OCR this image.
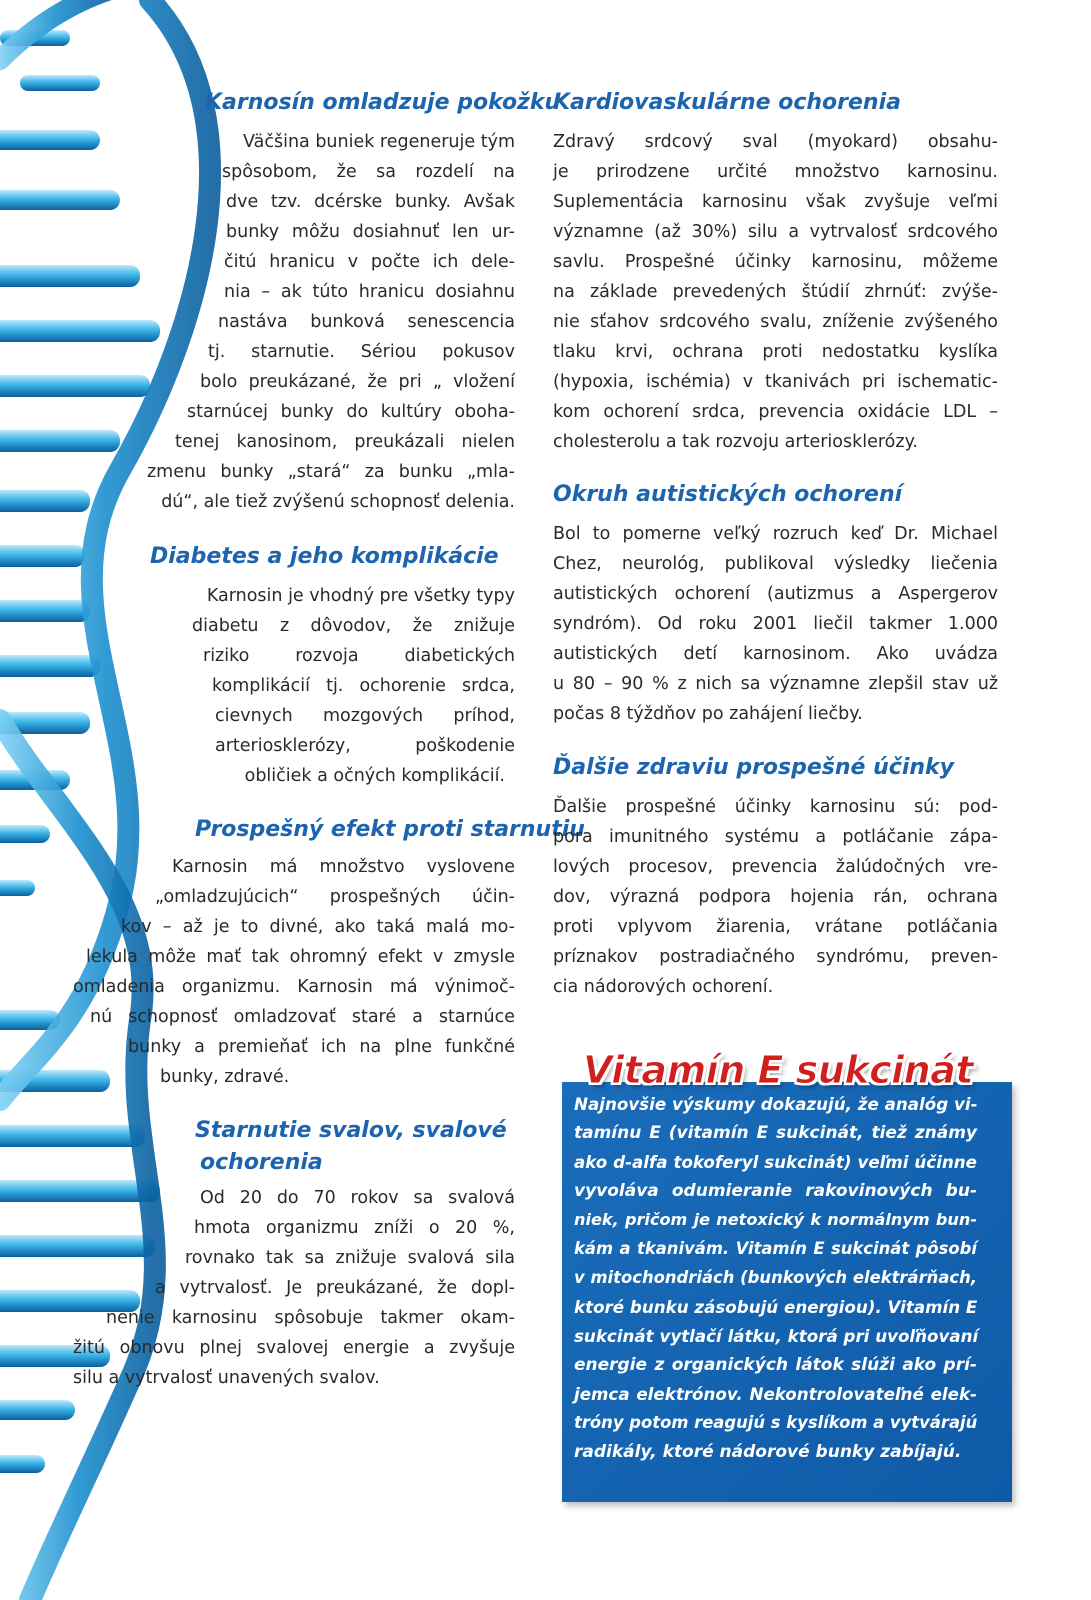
Karnosín omladzuje pokožku

Väčšina buniek regeneruje tým

spôsobom, že sa rozdelí na

dve tzv. dcérske bunky. Avšak

bunky môžu dosiahnuť len ur-

čitú hranicu v počte ich dele-

nia – ak túto hranicu dosiahnu

nastáva bunková senescencia

tj. starnutie. Sériou pokusov

bolo preukázané, že pri „ vložení

starnúcej bunky do kultúry oboha-

tenej kanosinom, preukázali nielen

zmenu bunky „stará“ za bunku „mla-

dú“, ale tiež zvýšenú schopnosť delenia.

Diabetes a jeho komplikácie

Karnosin je vhodný pre všetky typy

diabetu z dôvodov, že znižuje

riziko rozvoja diabetických

komplikácií tj. ochorenie srdca,

cievnych mozgových príhod,

arteriosklerózy, poškodenie

obličiek a očných komplikácií.

Prospešný efekt proti starnutiu

Karnosin má množstvo vyslovene

„omladzujúcich“ prospešných účin-

kov – až je to divné, ako taká malá mo-

lekula môže mať tak ohromný efekt v zmysle

omladenia organizmu. Karnosin má výnimoč-

nú schopnosť omladzovať staré a starnúce

bunky a premieňať ich na plne funkčné

bunky, zdravé.

Starnutie svalov, svalové
ochorenia

Od 20 do 70 rokov sa svalová

hmota organizmu zníži o 20 %,

rovnako tak sa znižuje svalová sila

a vytrvalosť. Je preukázané, že dopl-

nenie karnosinu spôsobuje takmer okam-

žitú obnovu plnej svalovej energie a zvyšuje

silu a vytrvalosť unavených svalov.

Kardiovaskulárne ochorenia

Zdravý srdcový sval (myokard) obsahu-

je prirodzene určité množstvo karnosinu.

Suplementácia karnosinu však zvyšuje veľmi

významne (až 30%) silu a vytrvalosť srdcového

savlu. Prospešné účinky karnosinu, môžeme

na základe prevedených štúdií zhrnúť: zvýše-

nie sťahov srdcového svalu, zníženie zvýšeného

tlaku krvi, ochrana proti nedostatku kyslíka

(hypoxia, ischémia) v tkanivách pri ischematic-

kom ochorení srdca, prevencia oxidácie LDL –

cholesterolu a tak rozvoju arteriosklerózy.

Okruh autistických ochorení

Bol to pomerne veľký rozruch keď Dr. Michael

Chez, neurológ, publikoval výsledky liečenia

autistických ochorení (autizmus a Aspergerov

syndróm). Od roku 2001 liečil takmer 1.000

autistických detí karnosinom. Ako uvádza

u 80 – 90 % z nich sa významne zlepšil stav už

počas 8 týždňov po zahájení liečby.

Ďalšie zdraviu prospešné účinky

Ďalšie prospešné účinky karnosinu sú: pod-

pora imunitného systému a potláčanie zápa-

lových procesov, prevencia žalúdočných vre-

dov, výrazná podpora hojenia rán, ochrana

proti vplyvom žiarenia, vrátane potláčania

príznakov postradiačného syndrómu, preven-

cia nádorových ochorení.

Vitamín E sukcinát

Najnovšie výskumy dokazujú, že analóg vi-

tamínu E (vitamín E sukcinát, tiež známy

ako d-alfa tokoferyl sukcinát) veľmi účinne

vyvoláva odumieranie rakovinových bu-

niek, pričom je netoxický k normálnym bun-

kám a tkanivám. Vitamín E sukcinát pôsobí

v mitochondriách (bunkových elektrárňach,

ktoré bunku zásobujú energiou). Vitamín E

sukcinát vytlačí látku, ktorá pri uvoľňovaní

energie z organických látok slúži ako prí-

jemca elektrónov. Nekontrolovateľné elek-

tróny potom reagujú s kyslíkom a vytvárajú

radikály, ktoré nádorové bunky zabíjajú.
